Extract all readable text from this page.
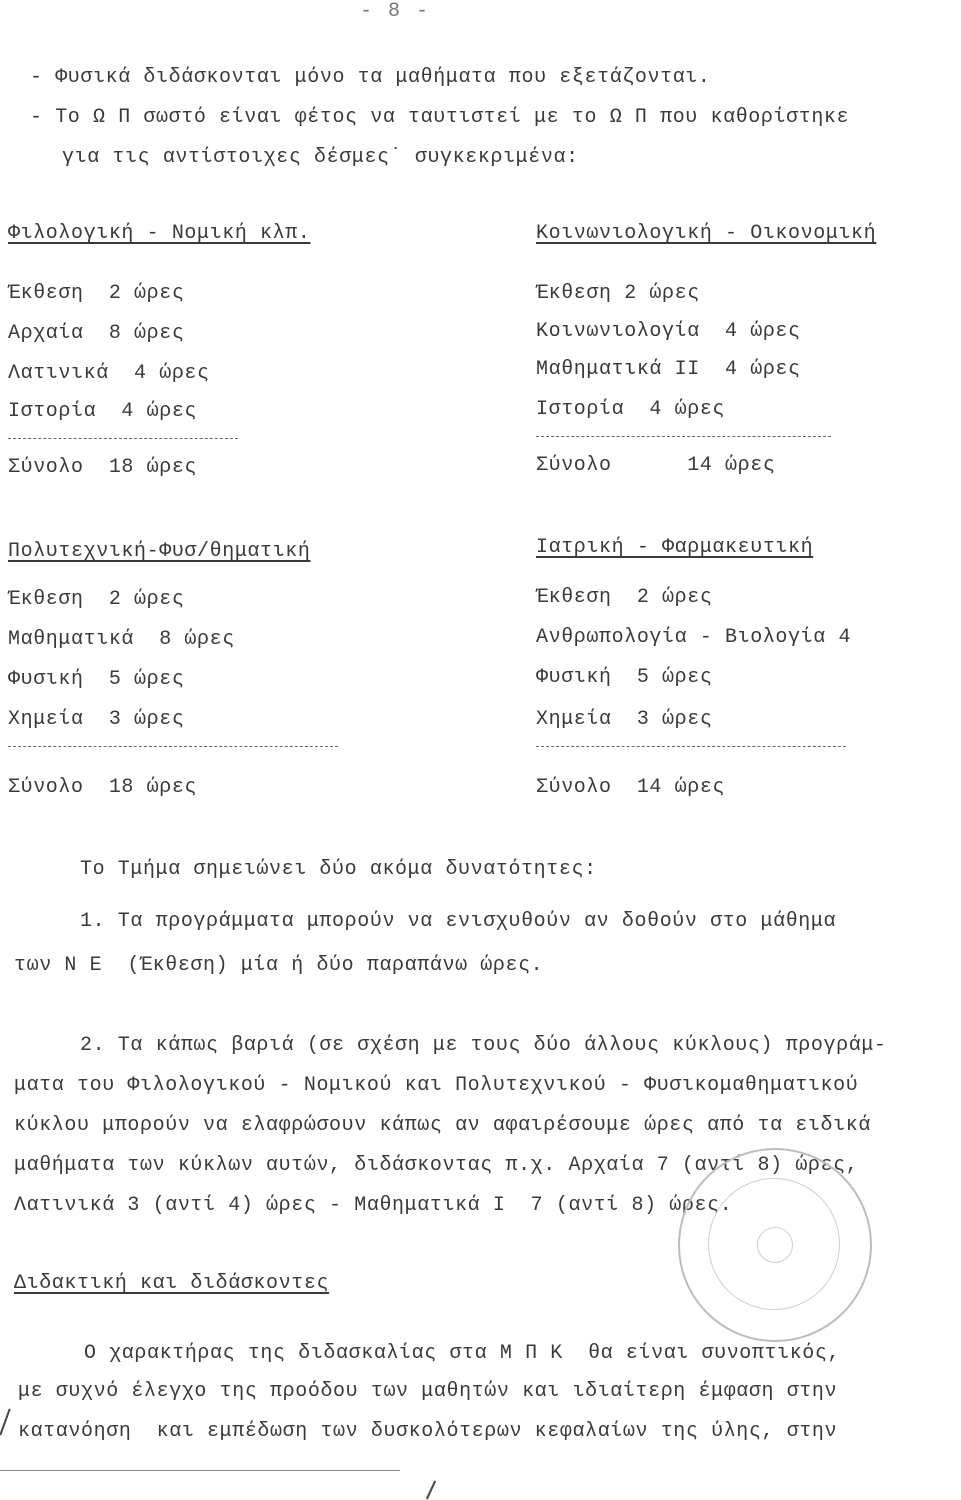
- 8 -
- Φυσικά διδάσκονται μόνο τα μαθήματα που εξετάζονται.
- Το Ω Π σωστό είναι φέτος να ταυτιστεί με το Ω Π που καθορίστηκε
για τις αντίστοιχες δέσμες˙ συγκεκριμένα:
Φιλολογική - Νομική κλπ.
Έκθεση  2 ώρες
Αρχαία  8 ώρες
Λατινικά  4 ώρες
Ιστορία  4 ώρες
Σύνολο  18 ώρες
Κοινωνιολογική - Οικονομική
Έκθεση 2 ώρες
Κοινωνιολογία  4 ώρες
Μαθηματικά ΙΙ  4 ώρες
Ιστορία  4 ώρες
Σύνολο      14 ώρες
Πολυτεχνική-Φυσ/θηματική
Έκθεση  2 ώρες
Μαθηματικά  8 ώρες
Φυσική  5 ώρες
Χημεία  3 ώρες
Σύνολο  18 ώρες
Ιατρική - Φαρμακευτική
Έκθεση  2 ώρες
Ανθρωπολογία - Βιολογία 4
Φυσική  5 ώρες
Χημεία  3 ώρες
Σύνολο  14 ώρες
Το Τμήμα σημειώνει δύο ακόμα δυνατότητες:
1. Τα προγράμματα μπορούν να ενισχυθούν αν δοθούν στο μάθημα
των Ν Ε  (Έκθεση) μία ή δύο παραπάνω ώρες.
2. Τα κάπως βαριά (σε σχέση με τους δύο άλλους κύκλους) προγράμ-
ματα του Φιλολογικού - Νομικού και Πολυτεχνικού - Φυσικομαθηματικού
κύκλου μπορούν να ελαφρώσουν κάπως αν αφαιρέσουμε ώρες από τα ειδικά
μαθήματα των κύκλων αυτών, διδάσκοντας π.χ. Αρχαία 7 (αντί 8) ώρες,
Λατινικά 3 (αντί 4) ώρες - Μαθηματικά Ι  7 (αντί 8) ώρες.
Διδακτική και διδάσκοντες
Ο χαρακτήρας της διδασκαλίας στα Μ Π Κ  θα είναι συνοπτικός,
με συχνό έλεγχο της προόδου των μαθητών και ιδιαίτερη έμφαση στην
κατανόηση  και εμπέδωση των δυσκολότερων κεφαλαίων της ύλης, στην
